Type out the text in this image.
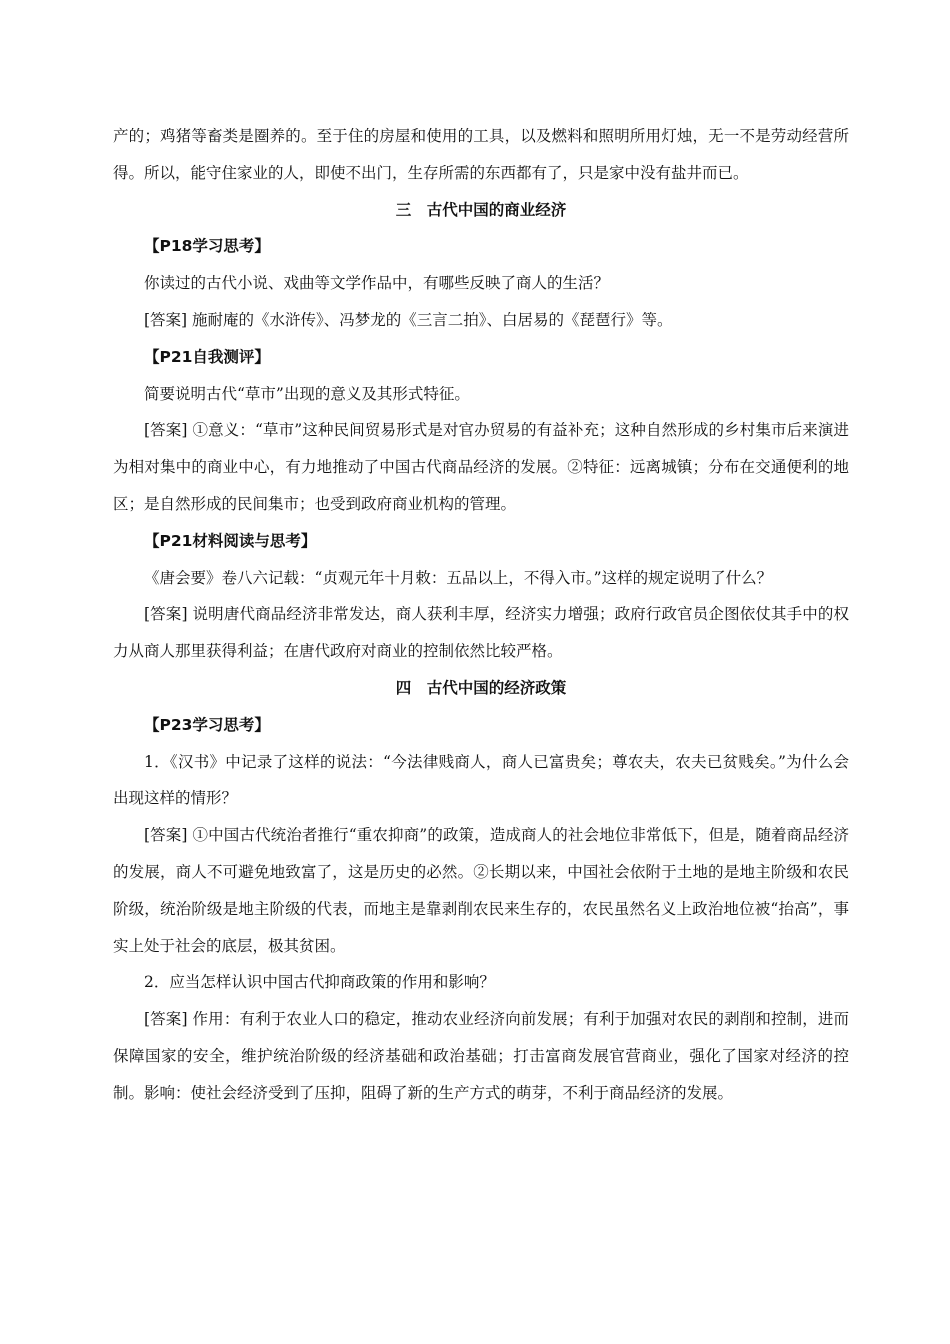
产的；鸡猪等畜类是圈养的。至于住的房屋和使用的工具，以及燃料和照明所用灯烛，无一不是劳动经营所得。所以，能守住家业的人，即使不出门，生存所需的东西都有了，只是家中没有盐井而已。

三　古代中国的商业经济

【P18学习思考】

你读过的古代小说、戏曲等文学作品中，有哪些反映了商人的生活？

[答案] 施耐庵的《水浒传》、冯梦龙的《三言二拍》、白居易的《琵琶行》等。

【P21自我测评】

简要说明古代“草市”出现的意义及其形式特征。

[答案] ①意义：“草市”这种民间贸易形式是对官办贸易的有益补充；这种自然形成的乡村集市后来演进为相对集中的商业中心，有力地推动了中国古代商品经济的发展。②特征：远离城镇；分布在交通便利的地区；是自然形成的民间集市；也受到政府商业机构的管理。

【P21材料阅读与思考】

《唐会要》卷八六记载：“贞观元年十月敕：五品以上，不得入市。”这样的规定说明了什么？

[答案] 说明唐代商品经济非常发达，商人获利丰厚，经济实力增强；政府行政官员企图依仗其手中的权力从商人那里获得利益；在唐代政府对商业的控制依然比较严格。

四　古代中国的经济政策

【P23学习思考】

1．《汉书》中记录了这样的说法：“今法律贱商人，商人已富贵矣；尊农夫，农夫已贫贱矣。”为什么会出现这样的情形？

[答案] ①中国古代统治者推行“重农抑商”的政策，造成商人的社会地位非常低下，但是，随着商品经济的发展，商人不可避免地致富了，这是历史的必然。②长期以来，中国社会依附于土地的是地主阶级和农民阶级，统治阶级是地主阶级的代表，而地主是靠剥削农民来生存的，农民虽然名义上政治地位被“抬高”，事实上处于社会的底层，极其贫困。

2．应当怎样认识中国古代抑商政策的作用和影响？

[答案] 作用：有利于农业人口的稳定，推动农业经济向前发展；有利于加强对农民的剥削和控制，进而保障国家的安全，维护统治阶级的经济基础和政治基础；打击富商发展官营商业，强化了国家对经济的控制。影响：使社会经济受到了压抑，阻碍了新的生产方式的萌芽，不利于商品经济的发展。
